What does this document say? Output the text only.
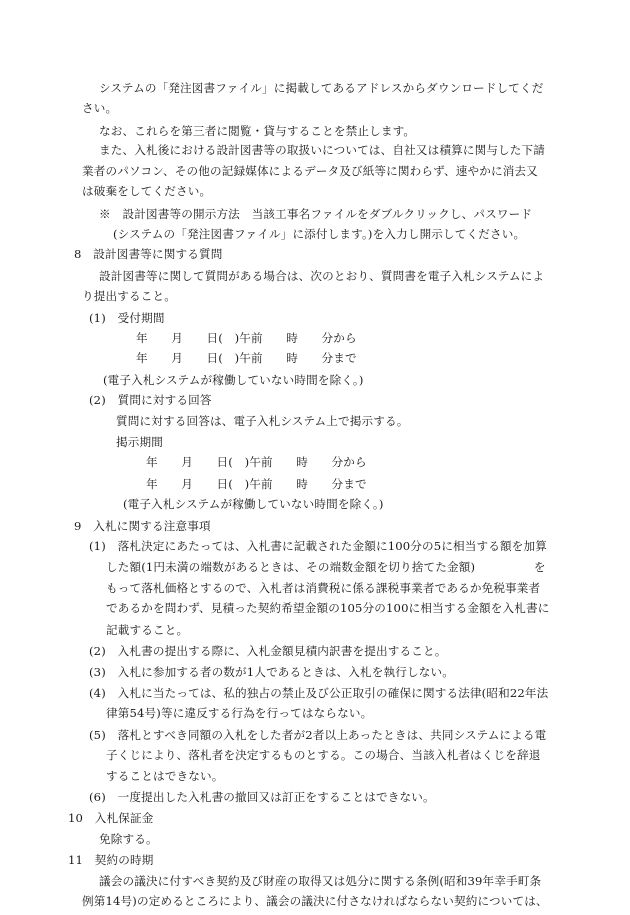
システムの「発注図書ファイル」に掲載してあるアドレスからダウンロードしてくだ
さい。
なお、これらを第三者に閲覧・貸与することを禁止します。
また、入札後における設計図書等の取扱いについては、自社又は積算に関与した下請
業者のパソコン、その他の記録媒体によるデータ及び紙等に関わらず、速やかに消去又
は破棄をしてください。
※　設計図書等の開示方法　当該工事名ファイルをダブルクリックし、パスワード
(システムの「発注図書ファイル」に添付します。)を入力し開示してください。
8　設計図書等に関する質問
設計図書等に関して質問がある場合は、次のとおり、質問書を電子入札システムによ
り提出すること。
(1)　受付期間
年　　月　　日(　)午前　　時　　分から
年　　月　　日(　)午前　　時　　分まで
(電子入札システムが稼働していない時間を除く。)
(2)　質問に対する回答
質問に対する回答は、電子入札システム上で掲示する。
掲示期間
年　　月　　日(　)午前　　時　　分から
年　　月　　日(　)午前　　時　　分まで
(電子入札システムが稼働していない時間を除く。)
9　入札に関する注意事項
(1)　落札決定にあたっては、入札書に記載された金額に100分の5に相当する額を加算
した額(1円未満の端数があるときは、その端数金額を切り捨てた金額)　　　　　を
もって落札価格とするので、入札者は消費税に係る課税事業者であるか免税事業者
であるかを問わず、見積った契約希望金額の105分の100に相当する金額を入札書に
記載すること。
(2)　入札書の提出する際に、入札金額見積内訳書を提出すること。
(3)　入札に参加する者の数が1人であるときは、入札を執行しない。
(4)　入札に当たっては、私的独占の禁止及び公正取引の確保に関する法律(昭和22年法
律第54号)等に違反する行為を行ってはならない。
(5)　落札とすべき同額の入札をした者が2者以上あったときは、共同システムによる電
子くじにより、落札者を決定するものとする。この場合、当該入札者はくじを辞退
することはできない。
(6)　一度提出した入札書の撤回又は訂正をすることはできない。
10　入札保証金
免除する。
11　契約の時期
議会の議決に付すべき契約及び財産の取得又は処分に関する条例(昭和39年幸手町条
例第14号)の定めるところにより、議会の議決に付さなければならない契約については、
